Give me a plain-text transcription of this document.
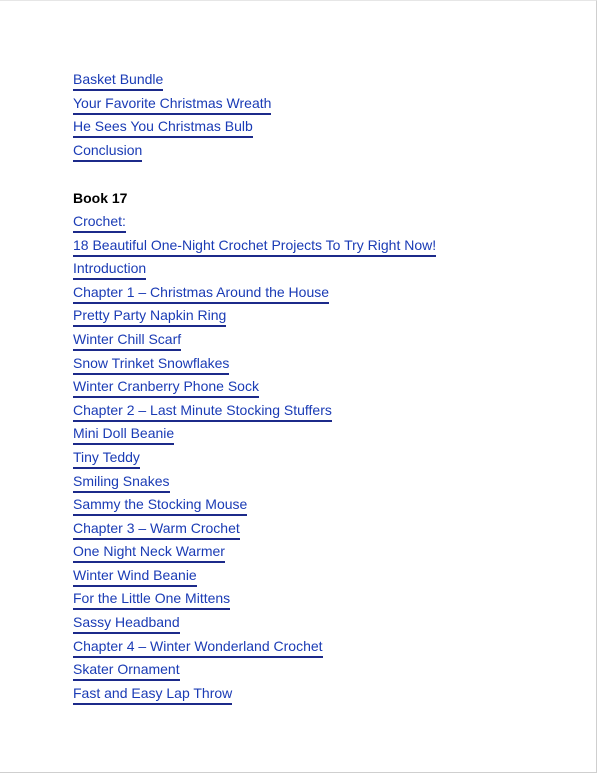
Basket Bundle
Your Favorite Christmas Wreath
He Sees You Christmas Bulb
Conclusion
Book 17
Crochet:
18 Beautiful One-Night Crochet Projects To Try Right Now!
Introduction
Chapter 1 – Christmas Around the House
Pretty Party Napkin Ring
Winter Chill Scarf
Snow Trinket Snowflakes
Winter Cranberry Phone Sock
Chapter 2 – Last Minute Stocking Stuffers
Mini Doll Beanie
Tiny Teddy
Smiling Snakes
Sammy the Stocking Mouse
Chapter 3 – Warm Crochet
One Night Neck Warmer
Winter Wind Beanie
For the Little One Mittens
Sassy Headband
Chapter 4 – Winter Wonderland Crochet
Skater Ornament
Fast and Easy Lap Throw
